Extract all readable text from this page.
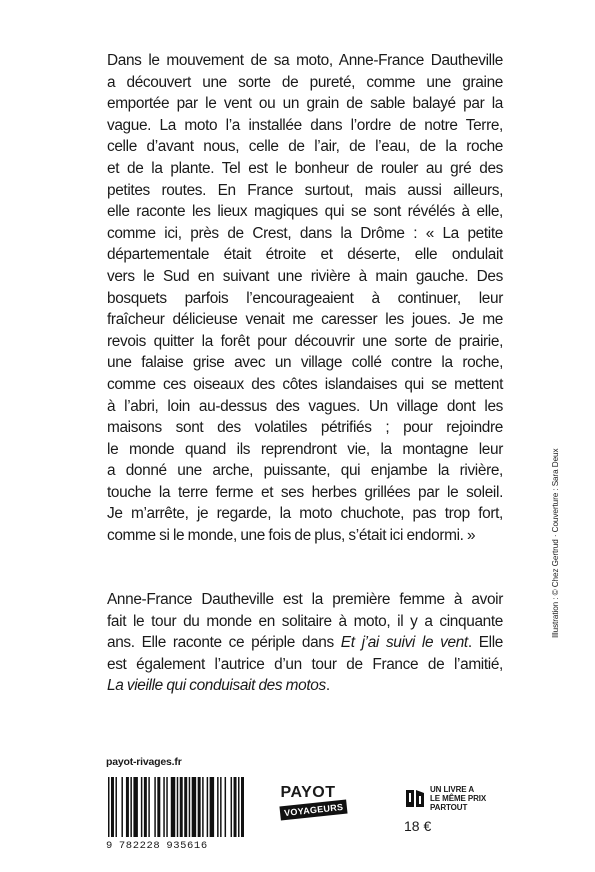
Dans le mouvement de sa moto, Anne-France Dautheville
a découvert une sorte de pureté, comme une graine
emportée par le vent ou un grain de sable balayé par la
vague. La moto l’a installée dans l’ordre de notre Terre,
celle d’avant nous, celle de l’air, de l’eau, de la roche
et de la plante. Tel est le bonheur de rouler au gré des
petites routes. En France surtout, mais aussi ailleurs,
elle raconte les lieux magiques qui se sont révélés à elle,
comme ici, près de Crest, dans la Drôme : « La petite
départementale était étroite et déserte, elle ondulait
vers le Sud en suivant une rivière à main gauche. Des
bosquets parfois l’encourageaient à continuer, leur
fraîcheur délicieuse venait me caresser les joues. Je me
revois quitter la forêt pour découvrir une sorte de prairie,
une falaise grise avec un village collé contre la roche,
comme ces oiseaux des côtes islandaises qui se mettent
à l’abri, loin au-dessus des vagues. Un village dont les
maisons sont des volatiles pétrifiés ; pour rejoindre
le monde quand ils reprendront vie, la montagne leur
a donné une arche, puissante, qui enjambe la rivière,
touche la terre ferme et ses herbes grillées par le soleil.
Je m’arrête, je regarde, la moto chuchote, pas trop fort,
comme si le monde, une fois de plus, s’était ici endormi. »
Anne-France Dautheville est la première femme à avoir
fait le tour du monde en solitaire à moto, il y a cinquante
ans. Elle raconte ce périple dans Et j’ai suivi le vent. Elle
est également l’autrice d’un tour de France de l’amitié,
La vieille qui conduisait des motos.
Illustration : © Chez Gertrud · Couverture : Sara Deux
payot-rivages.fr
9 782228 935616
PAYOT
VOYAGEURS
UN LIVRE A
LE MÊME PRIX
PARTOUT
18 €
